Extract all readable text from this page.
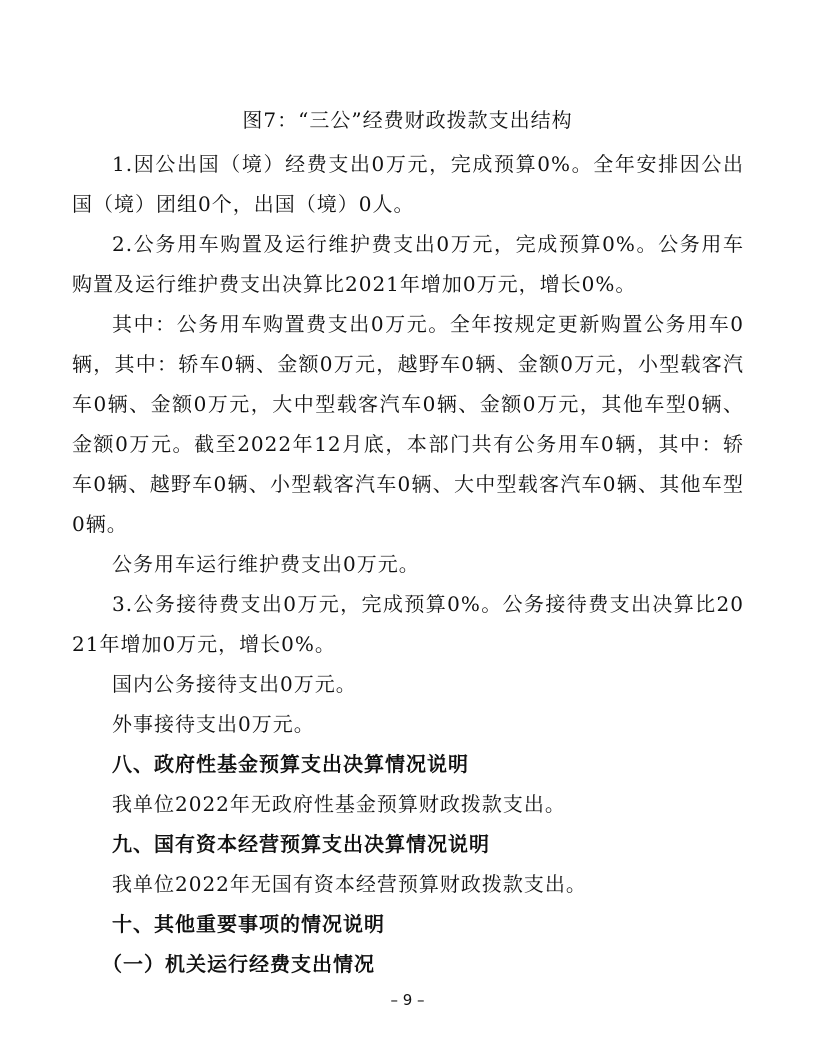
图7：“三公”经费财政拨款支出结构

1.因公出国（境）经费支出0万元，完成预算0%。全年安排因公出国（境）团组0个，出国（境）0人。

2.公务用车购置及运行维护费支出0万元，完成预算0%。公务用车购置及运行维护费支出决算比2021年增加0万元，增长0%。

其中：公务用车购置费支出0万元。全年按规定更新购置公务用车0辆，其中：轿车0辆、金额0万元，越野车0辆、金额0万元，小型载客汽车0辆、金额0万元，大中型载客汽车0辆、金额0万元，其他车型0辆、金额0万元。截至2022年12月底，本部门共有公务用车0辆，其中：轿车0辆、越野车0辆、小型载客汽车0辆、大中型载客汽车0辆、其他车型0辆。

公务用车运行维护费支出0万元。

3.公务接待费支出0万元，完成预算0%。公务接待费支出决算比2021年增加0万元，增长0%。

国内公务接待支出0万元。

外事接待支出0万元。

八、政府性基金预算支出决算情况说明

我单位2022年无政府性基金预算财政拨款支出。

九、国有资本经营预算支出决算情况说明

我单位2022年无国有资本经营预算财政拨款支出。

十、其他重要事项的情况说明

（一）机关运行经费支出情况

– 9 –
